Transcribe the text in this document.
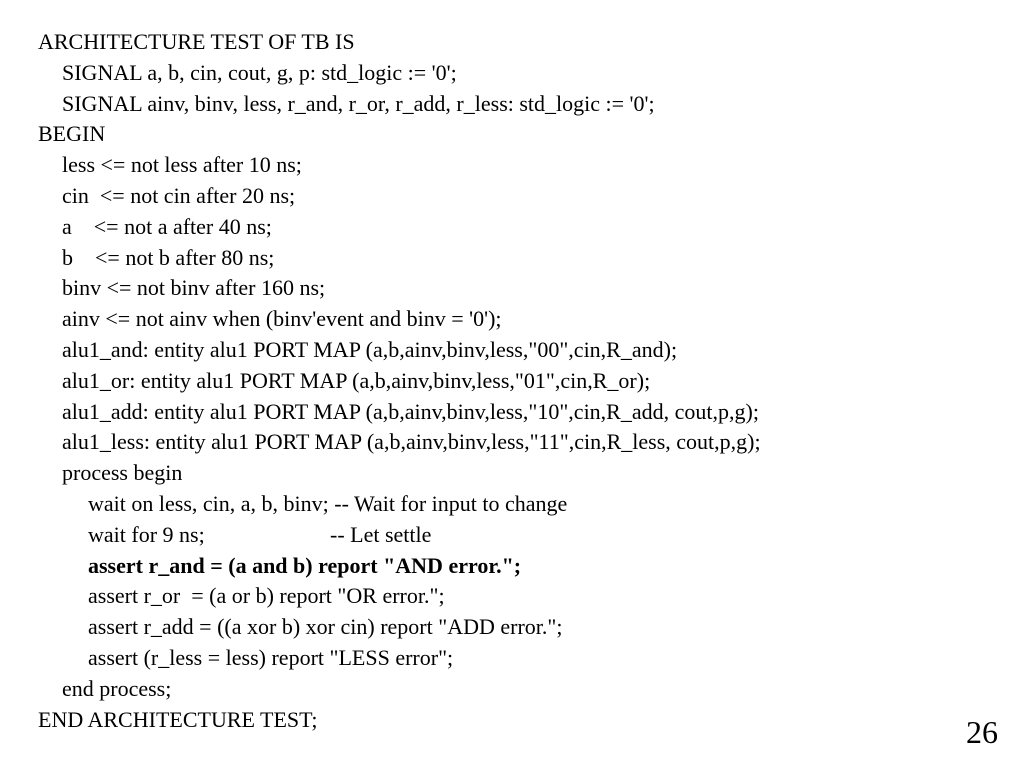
ARCHITECTURE TEST OF TB IS
SIGNAL a, b, cin, cout, g, p: std_logic := '0';
SIGNAL ainv, binv, less, r_and, r_or, r_add, r_less: std_logic := '0';
BEGIN
less <= not less after 10 ns;
cin  <= not cin after 20 ns;
a    <= not a after 40 ns;
b    <= not b after 80 ns;
binv <= not binv after 160 ns;
ainv <= not ainv when (binv'event and binv = '0');
alu1_and: entity alu1 PORT MAP (a,b,ainv,binv,less,"00",cin,R_and);
alu1_or: entity alu1 PORT MAP (a,b,ainv,binv,less,"01",cin,R_or);
alu1_add: entity alu1 PORT MAP (a,b,ainv,binv,less,"10",cin,R_add, cout,p,g);
alu1_less: entity alu1 PORT MAP (a,b,ainv,binv,less,"11",cin,R_less, cout,p,g);
process begin
wait on less, cin, a, b, binv; -- Wait for input to change
wait for 9 ns;	-- Let settle
assert r_and = (a and b) report "AND error.";
assert r_or  = (a or b) report "OR error.";
assert r_add = ((a xor b) xor cin) report "ADD error.";
assert (r_less = less) report "LESS error";
end process;
END ARCHITECTURE TEST;	26
